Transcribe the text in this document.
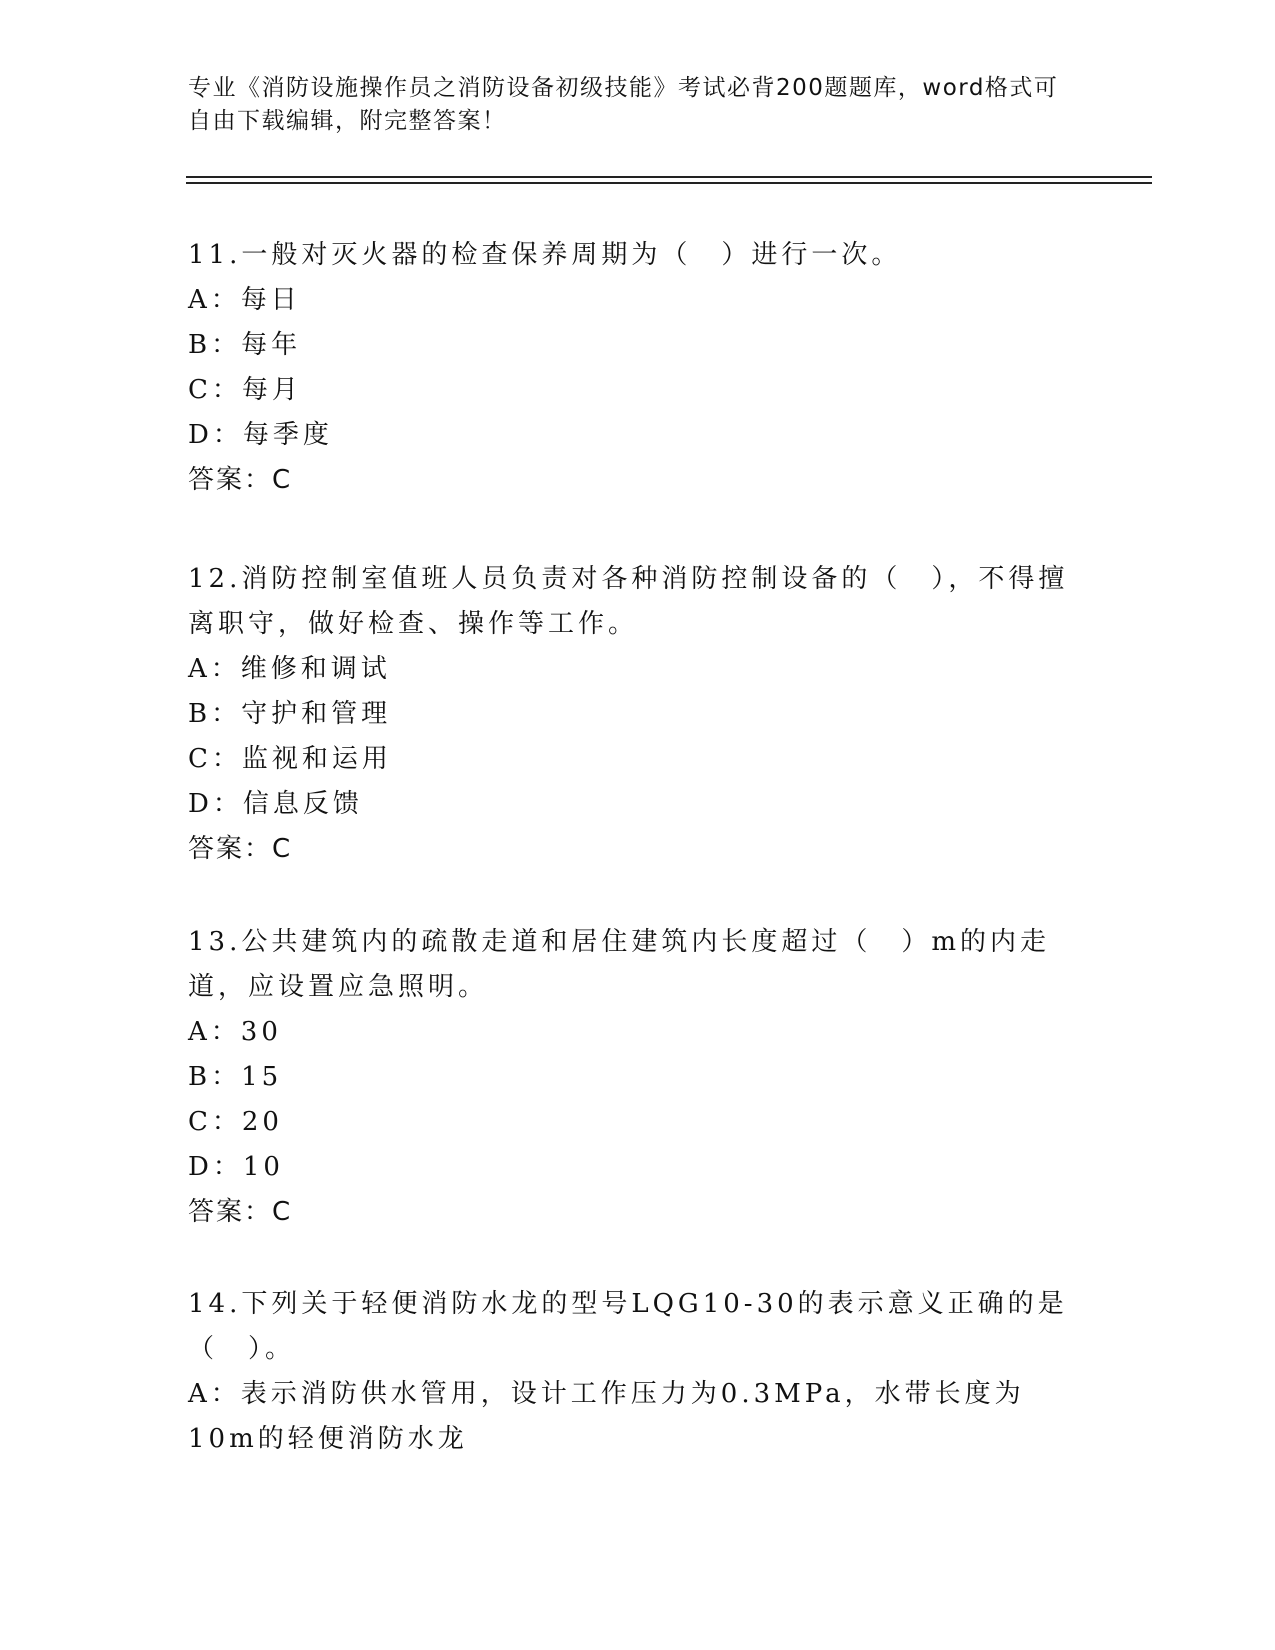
专业《消防设施操作员之消防设备初级技能》考试必背200题题库，word格式可自由下载编辑，附完整答案！
11.一般对灭火器的检查保养周期为（　）进行一次。
A：每日
B：每年
C：每月
D：每季度
答案：C
12.消防控制室值班人员负责对各种消防控制设备的（　），不得擅离职守，做好检查、操作等工作。
A：维修和调试
B：守护和管理
C：监视和运用
D：信息反馈
答案：C
13.公共建筑内的疏散走道和居住建筑内长度超过（　）m的内走道，应设置应急照明。
A：30
B：15
C：20
D：10
答案：C
14.下列关于轻便消防水龙的型号LQG10-30的表示意义正确的是（　）。
A：表示消防供水管用，设计工作压力为0.3MPa，水带长度为10m的轻便消防水龙
